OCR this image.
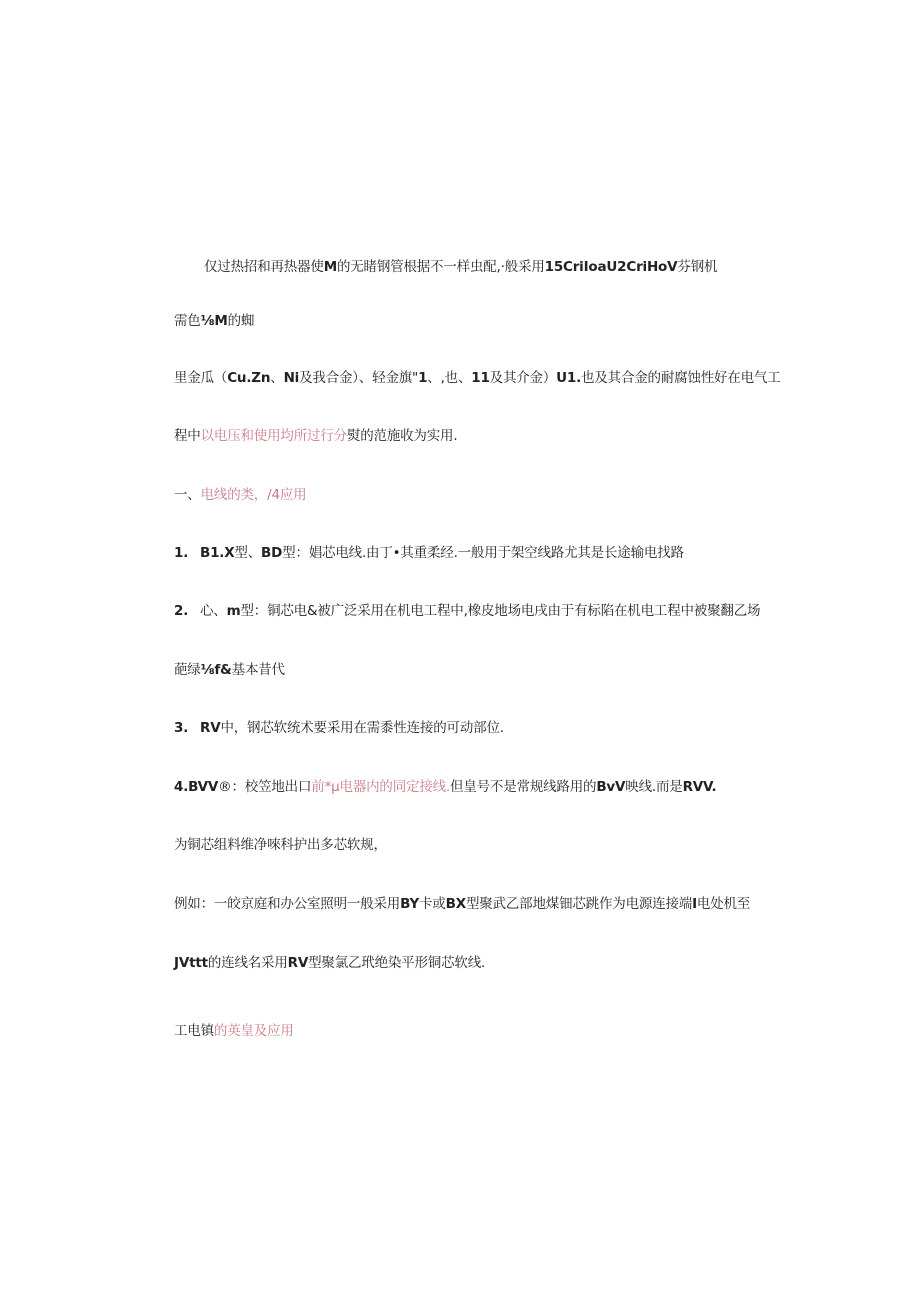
仅过热招和再热器使M的无睹钢管根据不一样虫配,·般采用15CriIoaU2CriHoV芬钢机
需色⅛M的蜘
里金瓜（Cu.Zn、Ni及我合金）、轻金旗"1、,也、11及其介金）U1.也及其合金的耐腐蚀性好在电气工
程中以电压和使用均所过行分熨的范施收为实用.
一、电线的类，/4应用
1. B1.X型、BD型：娼芯电线.由丁•其重柔经.一般用于架空线路尤其是长途输电找路
2. 心、m型：铜芯电&被广泛采用在机电工程中,橡皮地场电戌由于有标陷在机电工程中被聚翻乙场
葩绿⅛f&基本昔代
3. RV中，钢芯软统术要采用在需黍性连接的可动部位.
4.BVV®：校笠地出口前*μ电器内的同定接线.但皇号不是常规线路用的BvV映线.而是RVV.
为铜芯组料维净唻科护出多芯软规，
例如：一皎京庭和办公室照明一般采用BY卡或BX型聚武乙部地煤钿芯跳作为电源连接端I电处机至
JVttt的连线名采用RV型聚氯乙玳绝染平形铜芯软线.
工电镇的英皇及应用
